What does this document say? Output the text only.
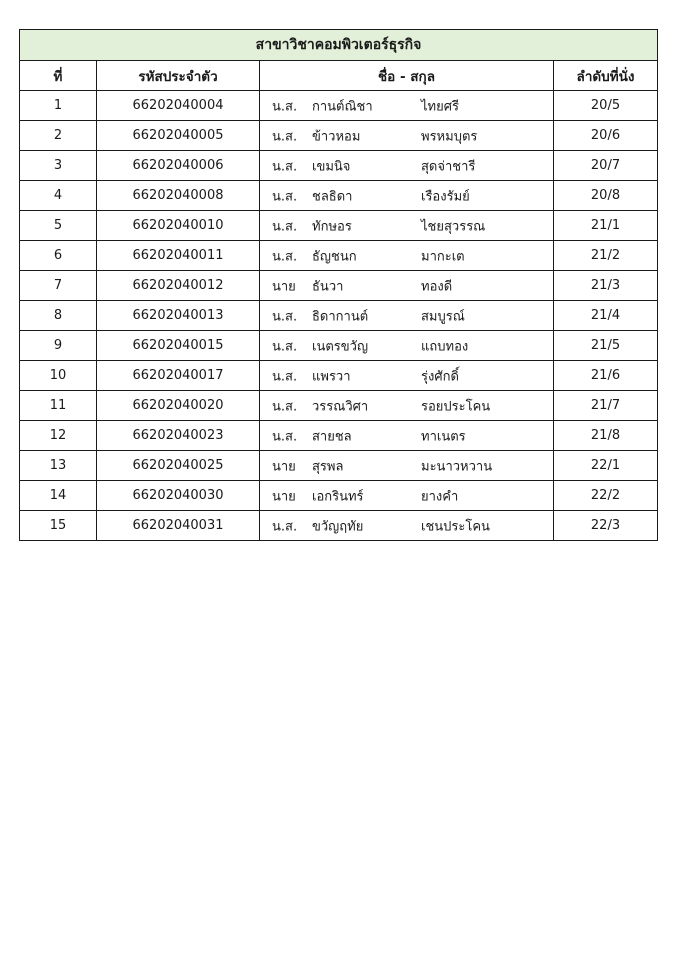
สาขาวิชาคอมพิวเตอร์ธุรกิจ			
ที่	รหัสประจำตัว	ชื่อ - สกุล	ลำดับที่นั่ง
1	66202040004	น.ส. กานต์ณิชา ไทยศรี	20/5
2	66202040005	น.ส. ข้าวหอม พรหมบุตร	20/6
3	66202040006	น.ส. เขมนิจ สุดจ่าชารี	20/7
4	66202040008	น.ส. ชลธิดา เรืองรัมย์	20/8
5	66202040010	น.ส. ทักษอร ไชยสุวรรณ	21/1
6	66202040011	น.ส. ธัญชนก มากะเต	21/2
7	66202040012	นาย ธันวา ทองดี	21/3
8	66202040013	น.ส. ธิดากานต์ สมบูรณ์	21/4
9	66202040015	น.ส. เนตรขวัญ แถบทอง	21/5
10	66202040017	น.ส. แพรวา รุ่งศักดิ์	21/6
11	66202040020	น.ส. วรรณวิศา รอยประโคน	21/7
12	66202040023	น.ส. สายชล ทาเนตร	21/8
13	66202040025	นาย สุรพล มะนาวหวาน	22/1
14	66202040030	นาย เอกรินทร์ ยางคำ	22/2
15	66202040031	น.ส. ขวัญฤทัย เชนประโคน	22/3
